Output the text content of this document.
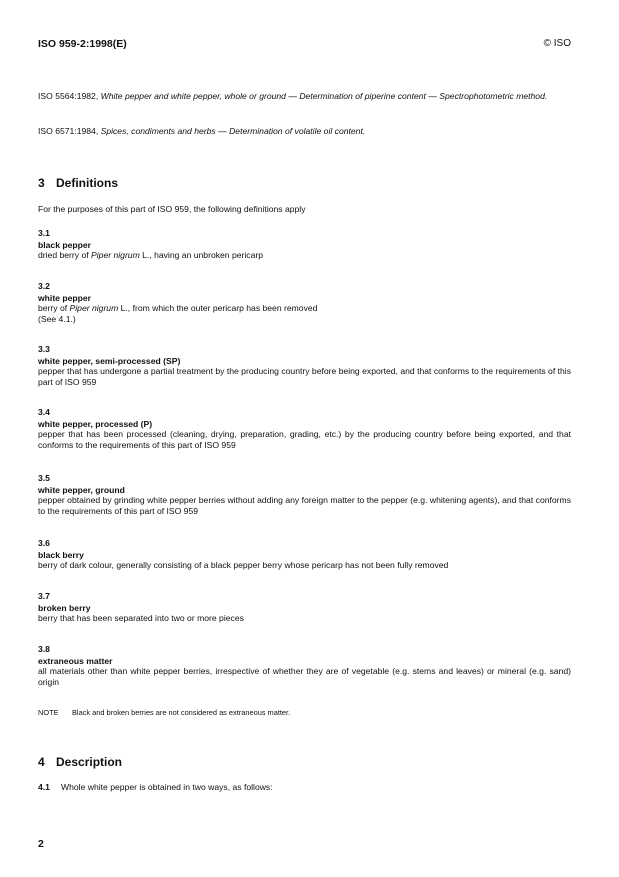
ISO 959-2:1998(E)	© ISO
ISO 5564:1982, White pepper and white pepper, whole or ground — Determination of piperine content — Spectrophotometric method.
ISO 6571:1984, Spices, condiments and herbs — Determination of volatile oil content.
3 Definitions
For the purposes of this part of ISO 959, the following definitions apply
3.1
black pepper
dried berry of Piper nigrum L., having an unbroken pericarp
3.2
white pepper
berry of Piper nigrum L., from which the outer pericarp has been removed
(See 4.1.)
3.3
white pepper, semi-processed (SP)
pepper that has undergone a partial treatment by the producing country before being exported, and that conforms to the requirements of this part of ISO 959
3.4
white pepper, processed (P)
pepper that has been processed (cleaning, drying, preparation, grading, etc.) by the producing country before being exported, and that conforms to the requirements of this part of ISO 959
3.5
white pepper, ground
pepper obtained by grinding white pepper berries without adding any foreign matter to the pepper (e.g. whitening agents), and that conforms to the requirements of this part of ISO 959
3.6
black berry
berry of dark colour, generally consisting of a black pepper berry whose pericarp has not been fully removed
3.7
broken berry
berry that has been separated into two or more pieces
3.8
extraneous matter
all materials other than white pepper berries, irrespective of whether they are of vegetable (e.g. stems and leaves) or mineral (e.g. sand) origin
NOTE Black and broken berries are not considered as extraneous matter.
4 Description
4.1 Whole white pepper is obtained in two ways, as follows:
2
